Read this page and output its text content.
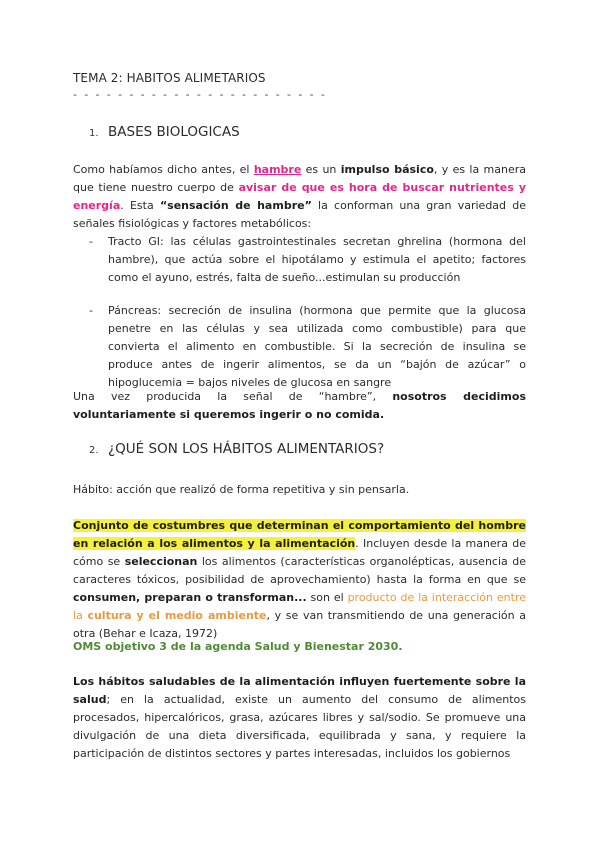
TEMA 2: HABITOS ALIMETARIOS
- - - - - - - - - - - - - - - - - - - - - - -
1. BASES BIOLOGICAS

Como habíamos dicho antes, el hambre es un impulso básico, y es la manera que tiene nuestro cuerpo de avisar de que es hora de buscar nutrientes y energía. Esta “sensación de hambre” la conforman una gran variedad de señales fisiológicas y factores metabólicos:

- Tracto GI: las células gastrointestinales secretan ghrelina (hormona del hambre), que actúa sobre el hipotálamo y estimula el apetito; factores como el ayuno, estrés, falta de sueño...estimulan su producción

- Páncreas: secreción de insulina (hormona que permite que la glucosa penetre en las células y sea utilizada como combustible) para que convierta el alimento en combustible. Si la secreción de insulina se produce antes de ingerir alimentos, se da un “bajón de azúcar” o hipoglucemia = bajos niveles de glucosa en sangre

Una vez producida la señal de “hambre”, nosotros decidimos voluntariamente si queremos ingerir o no comida.

2. ¿QUÉ SON LOS HÁBITOS ALIMENTARIOS?

Hábito: acción que realizó de forma repetitiva y sin pensarla.

Conjunto de costumbres que determinan el comportamiento del hombre en relación a los alimentos y la alimentación. Incluyen desde la manera de cómo se seleccionan los alimentos (características organolépticas, ausencia de caracteres tóxicos, posibilidad de aprovechamiento) hasta la forma en que se consumen, preparan o transforman... son el producto de la interacción entre la cultura y el medio ambiente, y se van transmitiendo de una generación a otra (Behar e Icaza, 1972)

OMS objetivo 3 de la agenda Salud y Bienestar 2030.

Los hábitos saludables de la alimentación influyen fuertemente sobre la salud; en la actualidad, existe un aumento del consumo de alimentos procesados, hipercalóricos, grasa, azúcares libres y sal/sodio. Se promueve una divulgación de una dieta diversificada, equilibrada y sana, y requiere la participación de distintos sectores y partes interesadas, incluidos los gobiernos
